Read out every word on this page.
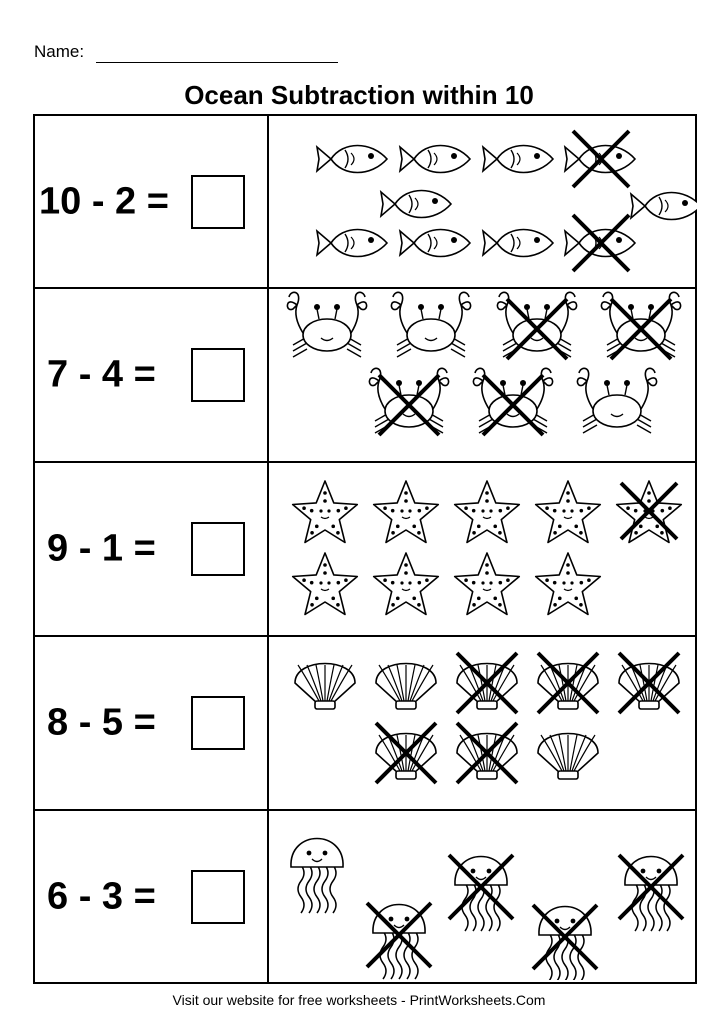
Name:
Ocean Subtraction within 10
10 - 2 =
7 - 4 =
9 - 1 =
8 - 5 =
6 - 3 =
Visit our website for free worksheets - PrintWorksheets.Com
